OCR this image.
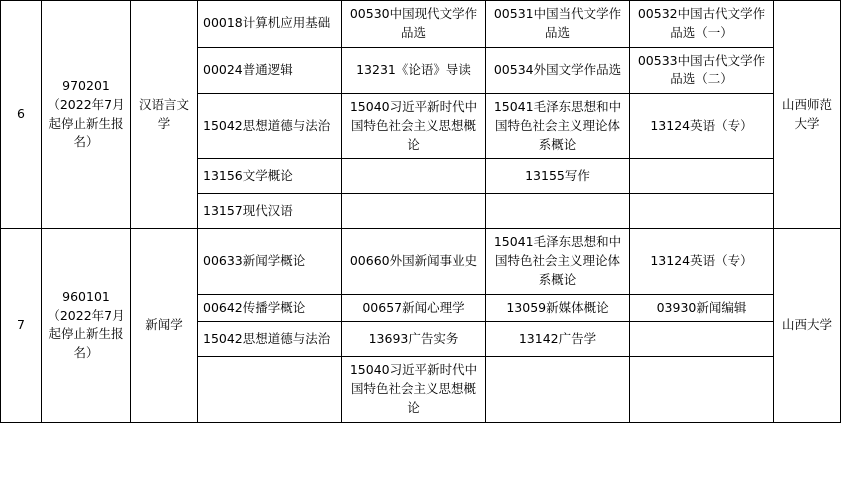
6	970201（2022年7月起停止新生报名）	汉语言文学	00018计算机应用基础	00530中国现代文学作品选	00531中国当代文学作品选	00532中国古代文学作品选（一）	山西师范大学
			00024普通逻辑	13231《论语》导读	00534外国文学作品选	00533中国古代文学作品选（二）	
			15042思想道德与法治	15040习近平新时代中国特色社会主义思想概论	15041毛泽东思想和中国特色社会主义理论体系概论	13124英语（专）	
			13156文学概论		13155写作		
			13157现代汉语				
7	960101（2022年7月起停止新生报名）	新闻学	00633新闻学概论	00660外国新闻事业史	15041毛泽东思想和中国特色社会主义理论体系概论	13124英语（专）	山西大学
			00642传播学概论	00657新闻心理学	13059新媒体概论	03930新闻编辑	
			15042思想道德与法治	13693广告实务	13142广告学		
				15040习近平新时代中国特色社会主义思想概论			
